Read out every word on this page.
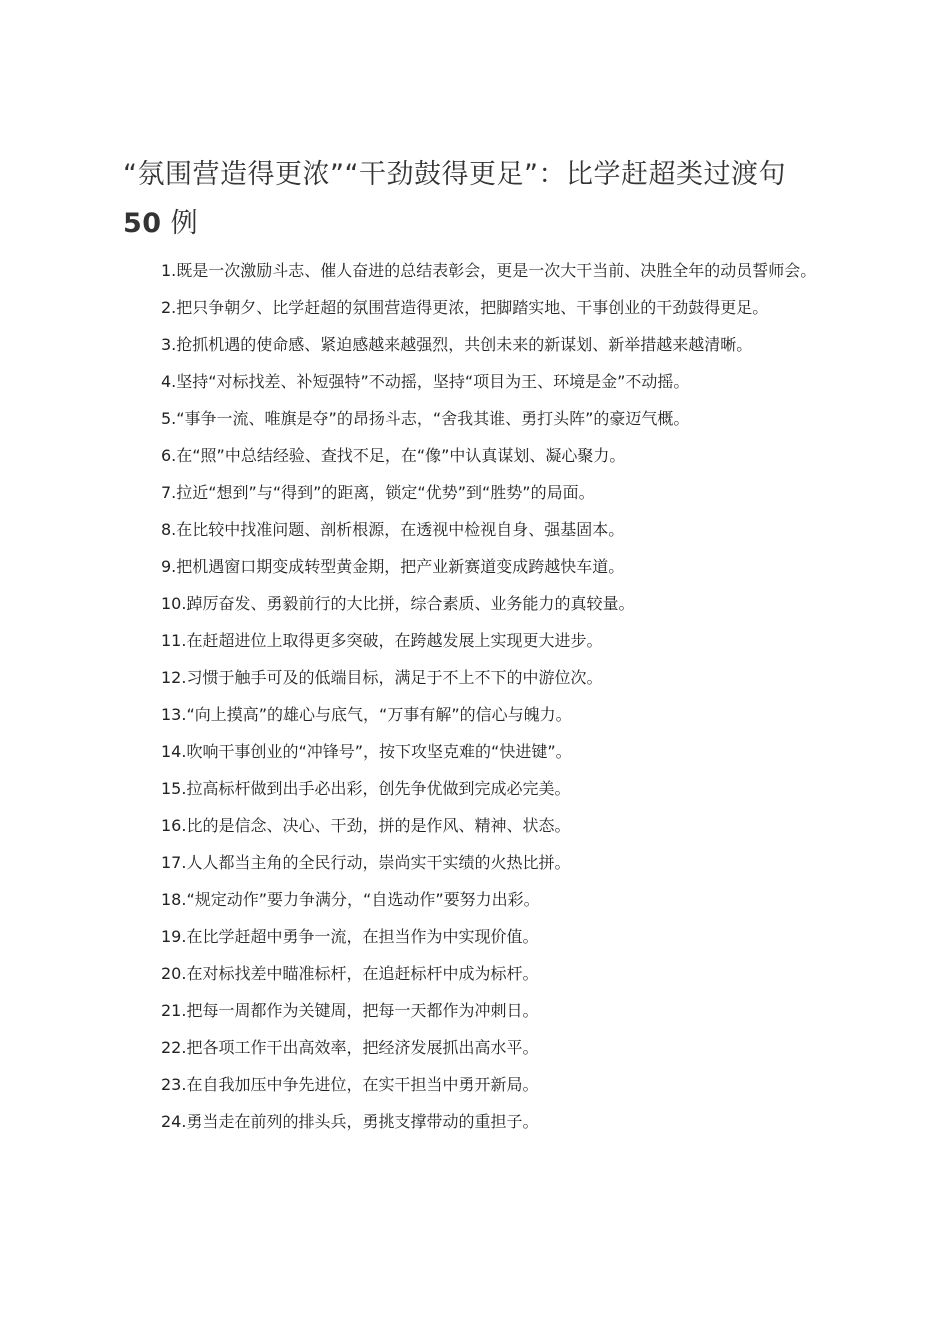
“氛围营造得更浓”“干劲鼓得更足”：比学赶超类过渡句
50 例

1.既是一次激励斗志、催人奋进的总结表彰会，更是一次大干当前、决胜全年的动员誓师会。

2.把只争朝夕、比学赶超的氛围营造得更浓，把脚踏实地、干事创业的干劲鼓得更足。

3.抢抓机遇的使命感、紧迫感越来越强烈，共创未来的新谋划、新举措越来越清晰。

4.坚持“对标找差、补短强特”不动摇，坚持“项目为王、环境是金”不动摇。

5.“事争一流、唯旗是夺”的昂扬斗志，“舍我其谁、勇打头阵”的豪迈气概。

6.在“照”中总结经验、查找不足，在“像”中认真谋划、凝心聚力。

7.拉近“想到”与“得到”的距离，锁定“优势”到“胜势”的局面。

8.在比较中找准问题、剖析根源，在透视中检视自身、强基固本。

9.把机遇窗口期变成转型黄金期，把产业新赛道变成跨越快车道。

10.踔厉奋发、勇毅前行的大比拼，综合素质、业务能力的真较量。

11.在赶超进位上取得更多突破，在跨越发展上实现更大进步。

12.习惯于触手可及的低端目标，满足于不上不下的中游位次。

13.“向上摸高”的雄心与底气，“万事有解”的信心与魄力。

14.吹响干事创业的“冲锋号”，按下攻坚克难的“快进键”。

15.拉高标杆做到出手必出彩，创先争优做到完成必完美。

16.比的是信念、决心、干劲，拼的是作风、精神、状态。

17.人人都当主角的全民行动，崇尚实干实绩的火热比拼。

18.“规定动作”要力争满分，“自选动作”要努力出彩。

19.在比学赶超中勇争一流，在担当作为中实现价值。

20.在对标找差中瞄准标杆，在追赶标杆中成为标杆。

21.把每一周都作为关键周，把每一天都作为冲刺日。

22.把各项工作干出高效率，把经济发展抓出高水平。

23.在自我加压中争先进位，在实干担当中勇开新局。

24.勇当走在前列的排头兵，勇挑支撑带动的重担子。
